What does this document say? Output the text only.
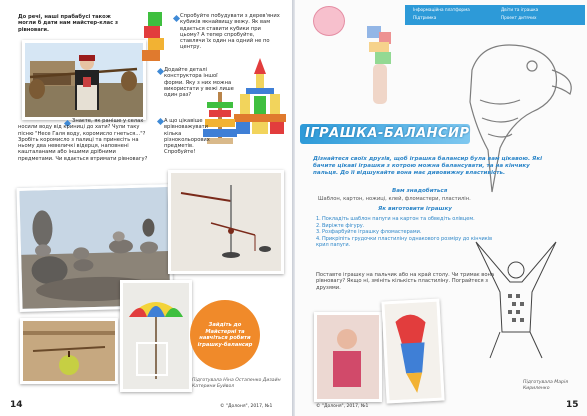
До речі, наші прабабусі також могли б дати нам майстер-клас з рівноваги.
Спробуйте побудувати з дерев'яних кубиків якнайвищу вежу. Як вам вдається ставити кубики при цьому? А тепер спробуйте, ставлячи їх один на одний не по центру.
Додайте деталі конструктора іншої форми. Яку з них можна використати у вежі лише один раз?
А що цікавіше врівноважувати кілька різнокольорових предметів. Спробуйте!
Знаєте, як раніше у селах носили воду від криниці до хати? Чули таку пісню "Несе Галя воду, коромисло гнеться..."? Зробіть коромисло з палиці та принесіть на ньому два невеличкі відерця, наповнені кашталанами або іншими дрібними предметами. Чи вдається втримати рівновагу?
Зайдіть до Майстерні та навчіться робити іграшку-балансир
Підготувала Ніна Остапенко Дизайн Катерини Буйвол
14	© "Долоня", 2017, №1
Інформаційна платформа	Двіти та іграшка
Підтримка	Проект дитячих
ІГРАШКА-БАЛАНСИР
Дізнайтеся своїх друзів, щоб іграшка балансир була вам цікавою. Які бачите цікаві іграшки з котрою можна балансувати, та на кінчику пальця. До її відшукайте вона має дивовижну властивість.
Вам знадобиться
Шаблон, картон, ножиці, клей, фломастери, пластилін.
Як виготовити іграшку
1.Покладіть шаблон папуги на картон та обведіть олівцем.
2.Виріжте фігуру.
3.Розфарбуйте іграшку фломастерами.
4.Прикріпіть грудочки пластиліну однакового розміру до кінчиків крил папуги.
Поставте іграшку на пальчик або на край столу. Чи тримає вона рівновагу? Якщо ні, змініть кількість пластиліну. Пограйтеся з друзями.
Підготувала Марія Кириленко
© "Долоня", 2017, №1	15
